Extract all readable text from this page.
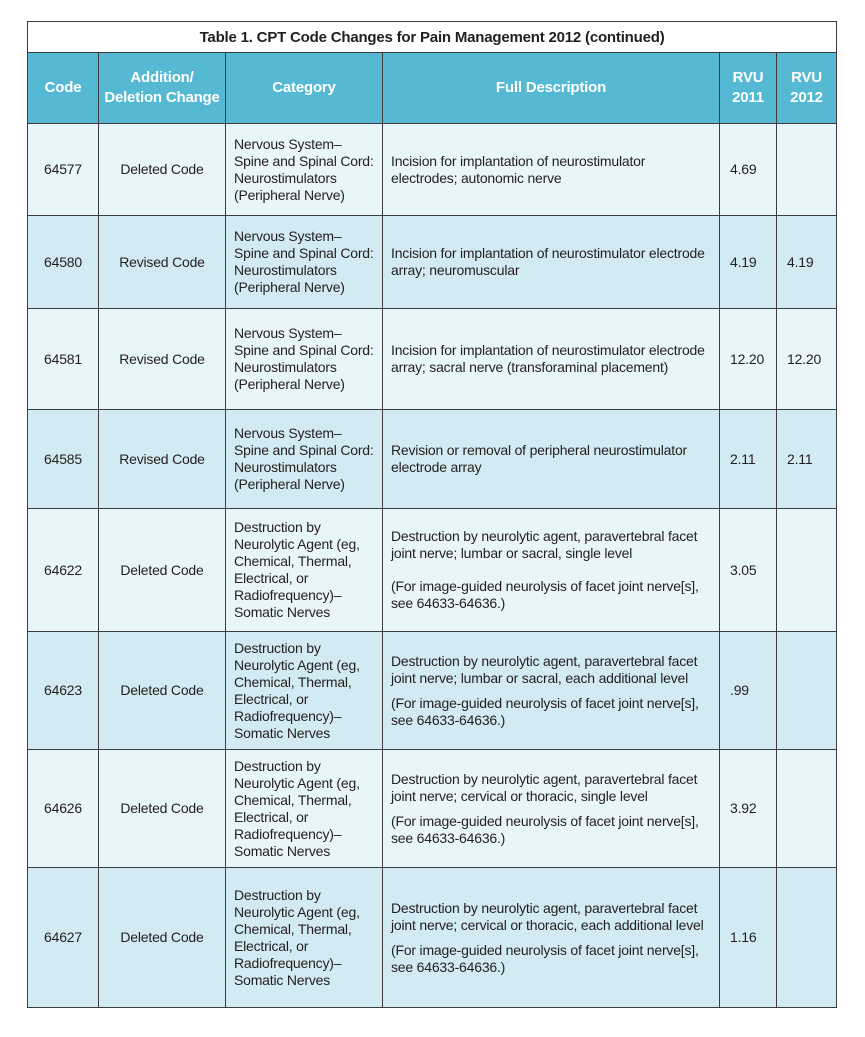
Table 1. CPT Code Changes for Pain Management 2012 (continued)					
Code	Addition/ Deletion Change	Category	Full Description	RVU 2011	RVU 2012
64577	Deleted Code	Nervous System– Spine and Spinal Cord: Neurostimulators (Peripheral Nerve)	Incision for implantation of neurostimulator electrodes; autonomic nerve	4.69	
64580	Revised Code	Nervous System– Spine and Spinal Cord: Neurostimulators (Peripheral Nerve)	Incision for implantation of neurostimulator electrode array; neuromuscular	4.19	4.19
64581	Revised Code	Nervous System– Spine and Spinal Cord: Neurostimulators (Peripheral Nerve)	Incision for implantation of neurostimulator electrode array; sacral nerve (transforaminal placement)	12.20	12.20
64585	Revised Code	Nervous System– Spine and Spinal Cord: Neurostimulators (Peripheral Nerve)	Revision or removal of peripheral neurostimulator electrode array	2.11	2.11
64622	Deleted Code	Destruction by Neurolytic Agent (eg, Chemical, Thermal, Electrical, or Radiofrequency)– Somatic Nerves	Destruction by neurolytic agent, paravertebral facet joint nerve; lumbar or sacral, single level
(For image-guided neurolysis of facet joint nerve[s], see 64633-64636.)	3.05	
64623	Deleted Code	Destruction by Neurolytic Agent (eg, Chemical, Thermal, Electrical, or Radiofrequency)– Somatic Nerves	Destruction by neurolytic agent, paravertebral facet joint nerve; lumbar or sacral, each additional level
(For image-guided neurolysis of facet joint nerve[s], see 64633-64636.)	.99	
64626	Deleted Code	Destruction by Neurolytic Agent (eg, Chemical, Thermal, Electrical, or Radiofrequency)– Somatic Nerves	Destruction by neurolytic agent, paravertebral facet joint nerve; cervical or thoracic, single level
(For image-guided neurolysis of facet joint nerve[s], see 64633-64636.)	3.92	
64627	Deleted Code	Destruction by Neurolytic Agent (eg, Chemical, Thermal, Electrical, or Radiofrequency)– Somatic Nerves	Destruction by neurolytic agent, paravertebral facet joint nerve; cervical or thoracic, each additional level
(For image-guided neurolysis of facet joint nerve[s], see 64633-64636.)	1.16	
